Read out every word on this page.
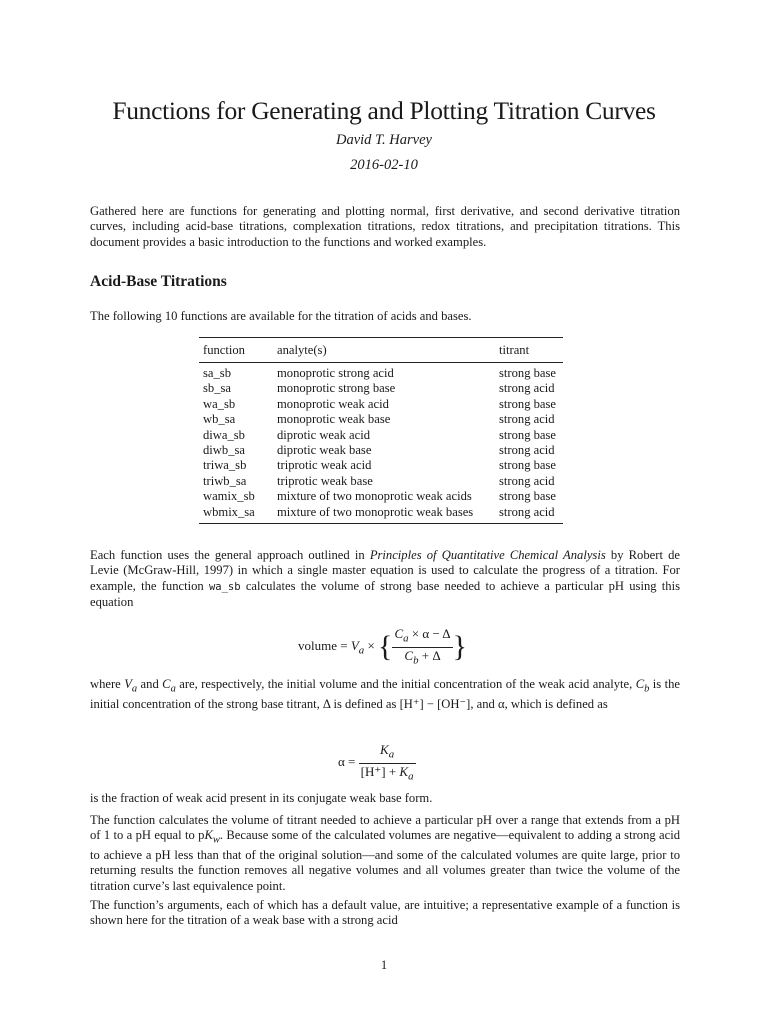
Functions for Generating and Plotting Titration Curves
David T. Harvey
2016-02-10

Gathered here are functions for generating and plotting normal, first derivative, and second derivative titration curves, including acid-base titrations, complexation titrations, redox titrations, and precipitation titrations. This document provides a basic introduction to the functions and worked examples.

Acid-Base Titrations

The following 10 functions are available for the titration of acids and bases.

function	analyte(s)	titrant
sa_sb	monoprotic strong acid	strong base
sb_sa	monoprotic strong base	strong acid
wa_sb	monoprotic weak acid	strong base
wb_sa	monoprotic weak base	strong acid
diwa_sb	diprotic weak acid	strong base
diwb_sa	diprotic weak base	strong acid
triwa_sb	triprotic weak acid	strong base
triwb_sa	triprotic weak base	strong acid
wamix_sb	mixture of two monoprotic weak acids	strong base
wbmix_sa	mixture of two monoprotic weak bases	strong acid

Each function uses the general approach outlined in Principles of Quantitative Chemical Analysis by Robert de Levie (McGraw-Hill, 1997) in which a single master equation is used to calculate the progress of a titration. For example, the function wa_sb calculates the volume of strong base needed to achieve a particular pH using this equation

volume = $V_a$ × { $\frac{C_a \times \alpha - \Delta}{C_b + \Delta}$ }

where $V_a$ and $C_a$ are, respectively, the initial volume and the initial concentration of the weak acid analyte, $C_b$ is the initial concentration of the strong base titrant, Δ is defined as [H⁺] − [OH⁻], and α, which is defined as

$\alpha = \frac{K_a}{[H^+] + K_a}$

is the fraction of weak acid present in its conjugate weak base form.

The function calculates the volume of titrant needed to achieve a particular pH over a range that extends from a pH of 1 to a pH equal to $pK_w$. Because some of the calculated volumes are negative—equivalent to adding a strong acid to achieve a pH less than that of the original solution—and some of the calculated volumes are quite large, prior to returning results the function removes all negative volumes and all volumes greater than twice the volume of the titration curve’s last equivalence point.

The function’s arguments, each of which has a default value, are intuitive; a representative example of a function is shown here for the titration of a weak base with a strong acid

1
